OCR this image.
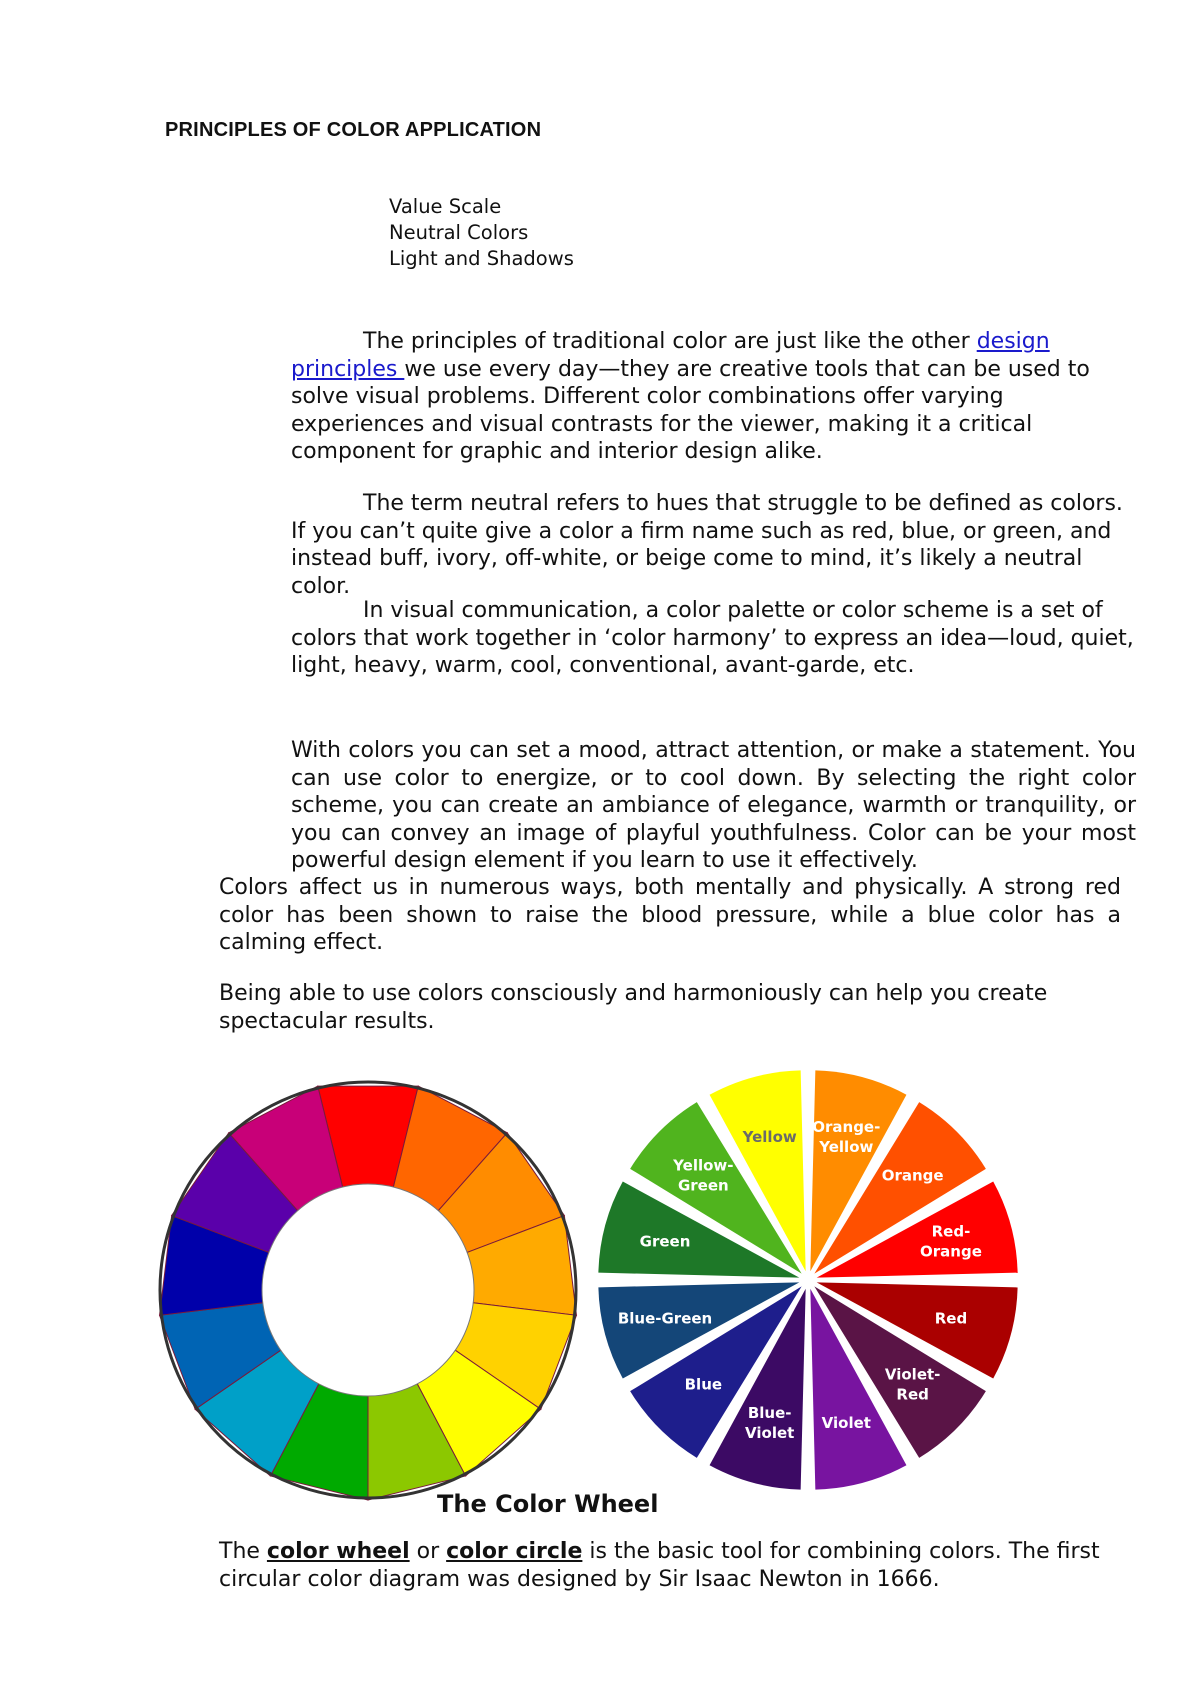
PRINCIPLES OF COLOR APPLICATION
Value Scale
Neutral Colors
Light and Shadows

The principles of traditional color are just like the other design principles we use every day—they are creative tools that can be used to solve visual problems. Different color combinations offer varying experiences and visual contrasts for the viewer, making it a critical component for graphic and interior design alike.

The term neutral refers to hues that struggle to be defined as colors. If you can’t quite give a color a firm name such as red, blue, or green, and instead buff, ivory, off-white, or beige come to mind, it’s likely a neutral color.

In visual communication, a color palette or color scheme is a set of colors that work together in ‘color harmony’ to express an idea—loud, quiet, light, heavy, warm, cool, conventional, avant-garde, etc.

With colors you can set a mood, attract attention, or make a statement. You can use color to energize, or to cool down. By selecting the right color scheme, you can create an ambiance of elegance, warmth or tranquility, or you can convey an image of playful youthfulness. Color can be your most powerful design element if you learn to use it effectively.

Colors affect us in numerous ways, both mentally and physically. A strong red color has been shown to raise the blood pressure, while a blue color has a calming effect.

Being able to use colors consciously and harmoniously can help you create spectacular results.

Yellow
Orange-Yellow
Orange
Red-Orange
Red
Violet-Red
Violet
Blue-Violet
Blue
Blue-Green
Green
Yellow-Green
The Color Wheel

The color wheel or color circle is the basic tool for combining colors. The first circular color diagram was designed by Sir Isaac Newton in 1666.
